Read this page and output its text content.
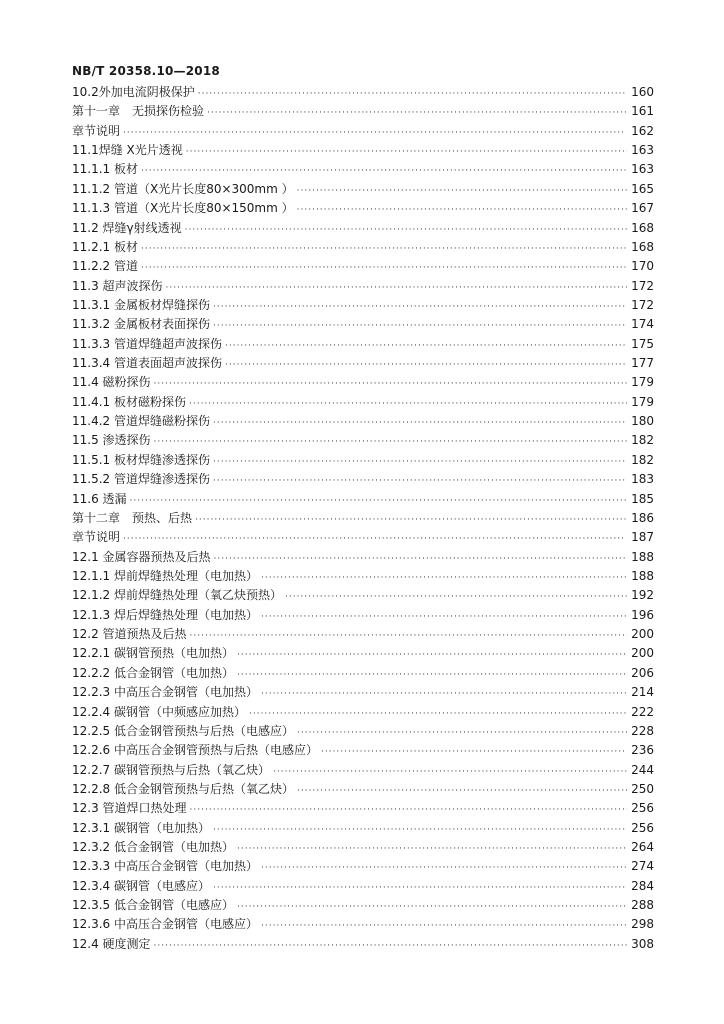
NB/T 20358.10—2018
10.2外加电流阴极保护 ·····	160
第十一章　无损探伤检验 ·····	161
章节说明 ·····	162
11.1焊缝 X光片透视 ·····	163
11.1.1 板材 ·····	163
11.1.2 管道（X光片长度80×300mm ） ·····	165
11.1.3 管道（X光片长度80×150mm ） ·····	167
11.2 焊缝γ射线透视 ·····	168
11.2.1 板材 ·····	168
11.2.2 管道 ·····	170
11.3 超声波探伤 ·····	172
11.3.1 金属板材焊缝探伤 ·····	172
11.3.2 金属板材表面探伤 ·····	174
11.3.3 管道焊缝超声波探伤 ·····	175
11.3.4 管道表面超声波探伤 ·····	177
11.4 磁粉探伤 ·····	179
11.4.1 板材磁粉探伤 ·····	179
11.4.2 管道焊缝磁粉探伤 ·····	180
11.5 渗透探伤 ·····	182
11.5.1 板材焊缝渗透探伤 ·····	182
11.5.2 管道焊缝渗透探伤 ·····	183
11.6 透漏 ·····	185
第十二章　预热、后热 ·····	186
章节说明 ·····	187
12.1 金属容器预热及后热 ·····	188
12.1.1 焊前焊缝热处理（电加热） ·····	188
12.1.2 焊前焊缝热处理（氧乙炔预热） ·····	192
12.1.3 焊后焊缝热处理（电加热） ·····	196
12.2 管道预热及后热 ·····	200
12.2.1 碳钢管预热（电加热） ·····	200
12.2.2 低合金钢管（电加热） ·····	206
12.2.3 中高压合金钢管（电加热） ·····	214
12.2.4 碳钢管（中频感应加热） ·····	222
12.2.5 低合金钢管预热与后热（电感应） ·····	228
12.2.6 中高压合金钢管预热与后热（电感应） ·····	236
12.2.7 碳钢管预热与后热（氧乙炔） ·····	244
12.2.8 低合金钢管预热与后热（氧乙炔） ·····	250
12.3 管道焊口热处理 ·····	256
12.3.1 碳钢管（电加热） ·····	256
12.3.2 低合金钢管（电加热） ·····	264
12.3.3 中高压合金钢管（电加热） ·····	274
12.3.4 碳钢管（电感应） ·····	284
12.3.5 低合金钢管（电感应） ·····	288
12.3.6 中高压合金钢管（电感应） ·····	298
12.4 硬度测定 ·····	308
